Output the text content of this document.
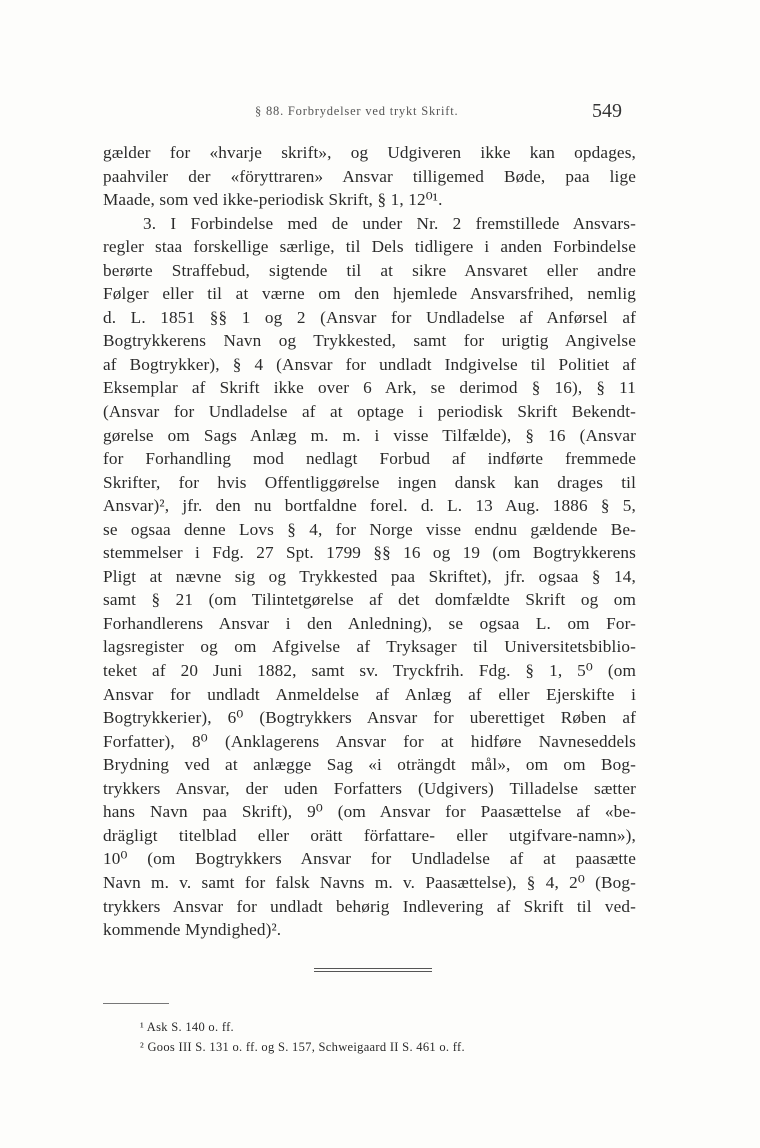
§ 88. Forbrydelser ved trykt Skrift.	549
gælder for «hvarje skrift», og Udgiveren ikke kan opdages,
paahviler der «föryttraren» Ansvar tilligemed Bøde, paa lige
Maade, som ved ikke-periodisk Skrift, § 1, 12⁰¹.
3. I Forbindelse med de under Nr. 2 fremstillede Ansvars-
regler staa forskellige særlige, til Dels tidligere i anden Forbindelse
berørte Straffebud, sigtende til at sikre Ansvaret eller andre
Følger eller til at værne om den hjemlede Ansvarsfrihed, nemlig
d. L. 1851 §§ 1 og 2 (Ansvar for Undladelse af Anførsel af
Bogtrykkerens Navn og Trykkested, samt for urigtig Angivelse
af Bogtrykker), § 4 (Ansvar for undladt Indgivelse til Politiet af
Eksemplar af Skrift ikke over 6 Ark, se derimod § 16), § 11
(Ansvar for Undladelse af at optage i periodisk Skrift Bekendt-
gørelse om Sags Anlæg m. m. i visse Tilfælde), § 16 (Ansvar
for Forhandling mod nedlagt Forbud af indførte fremmede
Skrifter, for hvis Offentliggørelse ingen dansk kan drages til
Ansvar)², jfr. den nu bortfaldne forel. d. L. 13 Aug. 1886 § 5,
se ogsaa denne Lovs § 4, for Norge visse endnu gældende Be-
stemmelser i Fdg. 27 Spt. 1799 §§ 16 og 19 (om Bogtrykkerens
Pligt at nævne sig og Trykkested paa Skriftet), jfr. ogsaa § 14,
samt § 21 (om Tilintetgørelse af det domfældte Skrift og om
Forhandlerens Ansvar i den Anledning), se ogsaa L. om For-
lagsregister og om Afgivelse af Tryksager til Universitetsbiblio-
teket af 20 Juni 1882, samt sv. Tryckfrih. Fdg. § 1, 5⁰ (om
Ansvar for undladt Anmeldelse af Anlæg af eller Ejerskifte i
Bogtrykkerier), 6⁰ (Bogtrykkers Ansvar for uberettiget Røben af
Forfatter), 8⁰ (Anklagerens Ansvar for at hidføre Navneseddels
Brydning ved at anlægge Sag «i oträngdt mål», om om Bog-
trykkers Ansvar, der uden Forfatters (Udgivers) Tilladelse sætter
hans Navn paa Skrift), 9⁰ (om Ansvar for Paasættelse af «be-
drägligt titelblad eller orätt författare- eller utgifvare-namn»),
10⁰ (om Bogtrykkers Ansvar for Undladelse af at paasætte
Navn m. v. samt for falsk Navns m. v. Paasættelse), § 4, 2⁰ (Bog-
trykkers Ansvar for undladt behørig Indlevering af Skrift til ved-
kommende Myndighed)².
¹ Ask S. 140 o. ff.
² Goos III S. 131 o. ff. og S. 157, Schweigaard II S. 461 o. ff.
